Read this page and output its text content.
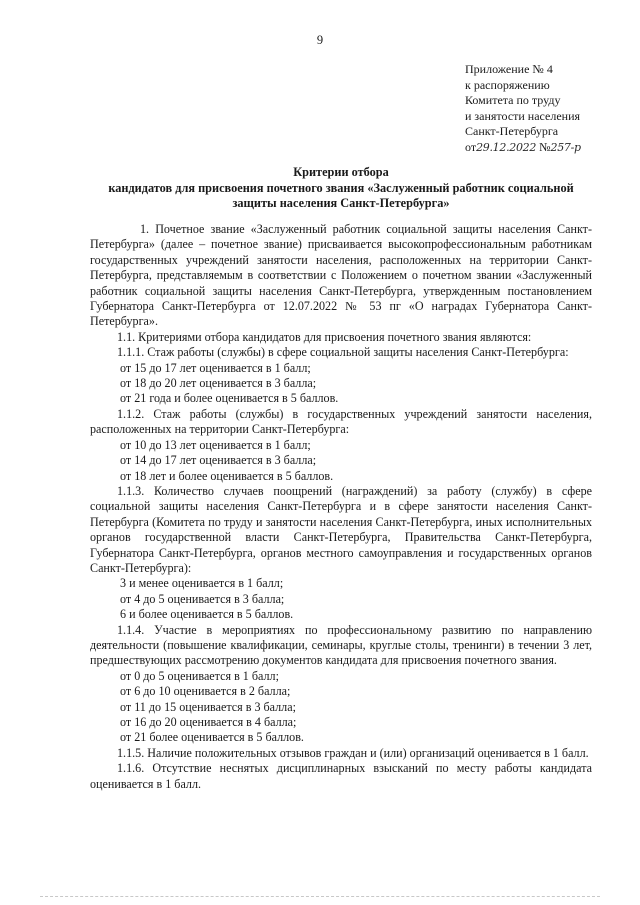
9
Приложение № 4
к распоряжению
Комитета по труду
и занятости населения
Санкт-Петербурга
от29.12.2022 №257-р
Критерии отбора
кандидатов для присвоения почетного звания «Заслуженный работник социальной
защиты населения Санкт-Петербурга»

1. Почетное звание «Заслуженный работник социальной защиты населения Санкт-Петербурга» (далее – почетное звание) присваивается высокопрофессиональным работникам государственных учреждений занятости населения, расположенных на территории Санкт-Петербурга, представляемым в соответствии с Положением о почетном звании «Заслуженный работник социальной защиты населения Санкт-Петербурга, утвержденным постановлением Губернатора Санкт-Петербурга от 12.07.2022 № 53 пг «О наградах Губернатора Санкт-Петербурга».

1.1. Критериями отбора кандидатов для присвоения почетного звания являются:

1.1.1. Стаж работы (службы) в сфере социальной защиты населения Санкт-Петербурга:

от 15 до 17 лет оценивается в 1 балл;
от 18 до 20 лет оценивается в 3 балла;
от 21 года и более оценивается в 5 баллов.

1.1.2. Стаж работы (службы) в государственных учреждений занятости населения, расположенных на территории Санкт-Петербурга:

от 10 до 13 лет оценивается в 1 балл;
от 14 до 17 лет оценивается в 3 балла;
от 18 лет и более оценивается в 5 баллов.

1.1.3. Количество случаев поощрений (награждений) за работу (службу) в сфере социальной защиты населения Санкт-Петербурга и в сфере занятости населения Санкт-Петербурга (Комитета по труду и занятости населения Санкт-Петербурга, иных исполнительных органов государственной власти Санкт-Петербурга, Правительства Санкт-Петербурга, Губернатора Санкт-Петербурга, органов местного самоуправления и государственных органов Санкт-Петербурга):

3 и менее оценивается в 1 балл;
от 4 до 5 оценивается в 3 балла;
6 и более оценивается в 5 баллов.

1.1.4. Участие в мероприятиях по профессиональному развитию по направлению деятельности (повышение квалификации, семинары, круглые столы, тренинги) в течении 3 лет, предшествующих рассмотрению документов кандидата для присвоения почетного звания.

от 0 до 5 оценивается в 1 балл;
от 6 до 10 оценивается в 2 балла;
от 11 до 15 оценивается в 3 балла;
от 16 до 20 оценивается в 4 балла;
от 21 более оценивается в 5 баллов.

1.1.5. Наличие положительных отзывов граждан и (или) организаций оценивается в 1 балл.

1.1.6. Отсутствие неснятых дисциплинарных взысканий по месту работы кандидата оценивается в 1 балл.
